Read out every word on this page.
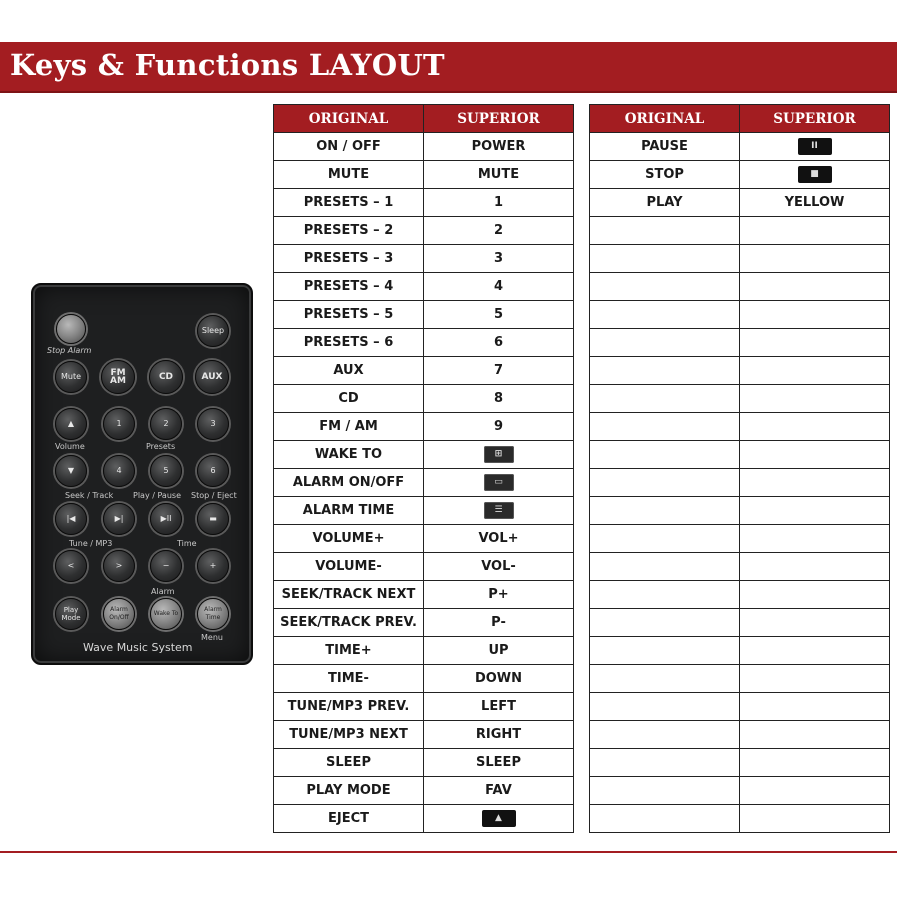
Keys & Functions LAYOUT
Stop Alarm
Sleep
Mute	FM AM	CD	AUX
▲	1	2	3
Volume	Presets
▼	4	5	6
Seek / Track Play / Pause Stop / Eject
|◀	▶|	▶II	▬
Tune / MP3	Time
<	>	−	+
Alarm
Play Mode
Alarm On/Off
Wake To
Alarm Time
Menu
Wave Music System
ORIGINAL	SUPERIOR
ON / OFF	POWER
MUTE	MUTE
PRESETS – 1	1
PRESETS – 2	2
PRESETS – 3	3
PRESETS – 4	4
PRESETS – 5	5
PRESETS – 6	6
AUX	7
CD	8
FM / AM	9
WAKE TO	⊞

ALARM ON/OFF	▭

ALARM TIME	☰

VOLUME+	VOL+
VOLUME-	VOL-
SEEK/TRACK NEXT	P+
SEEK/TRACK PREV.	P-
TIME+	UP
TIME-	DOWN
TUNE/MP3 PREV.	LEFT
TUNE/MP3 NEXT	RIGHT
SLEEP	SLEEP
PLAY MODE	FAV
EJECT	▲
ORIGINAL	SUPERIOR
PAUSE	II

STOP	■

PLAY	YELLOW
